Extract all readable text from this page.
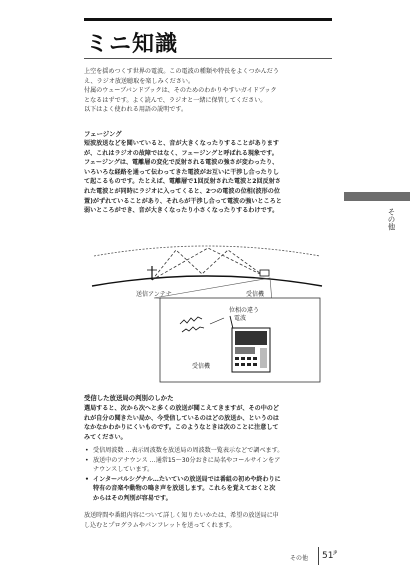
ミニ知識
上空を揺めつくす世界の電波。この電波の種類や特長をよくつかんだう
え、ラジオ放送聴取を楽しみください。
付属のウェーブバンドブックは、そのためのわかりやすいガイドブック
となるはずです。よく読んで、ラジオと一緒に保管してください。
以下はよく使われる用語の説明です。
フェージング
短波放送などを聞いていると、音が大きくなったりすることがあります
が、これはラジオの故障ではなく、フェージングと呼ばれる現象です。
フェージングは、電離層の変化で反射される電波の強さが変わったり、
いろいろな経路を通って伝わってきた電波がお互いに干渉し合ったりし
て起こるものです。たとえば、電離層で1回反射された電波と2回反射さ
れた電波とが同時にラジオに入ってくると、2つの電波の位相(波形の位
置)がずれていることがあり、それらが干渉し合って電波の強いところと
弱いところができ、音が大きくなったり小さくなったりするわけです。	その他
送信アンテナ	受信機
位相の違う
電波
受信機
受信した放送局の判別のしかた
選局すると、次から次へと多くの放送が聞こえてきますが、その中のど
れが自分の聞きたい局か、今受信しているのはどの放送か、というのは
なかなかわかりにくいものです。このようなときは次のことに注意して
みてください。
• 受信周波数 …表示周波数を放送局の周波数一覧表示などで調べます。
• 放送中のアナウンス …通常15～30分おきに局名やコールサインをア
ナウンスしています。
• インターバルシグナル…たいていの放送局では番組の初めや終わりに
特有の音楽や動物の鳴き声を放送します。これらを覚えておくと次
からはその判別が容易です。
放送時間や番組内容について詳しく知りたいかたは、希望の放送局に申
し込むとプログラムやパンフレットを送ってくれます。
その他 $51^{JP}$
